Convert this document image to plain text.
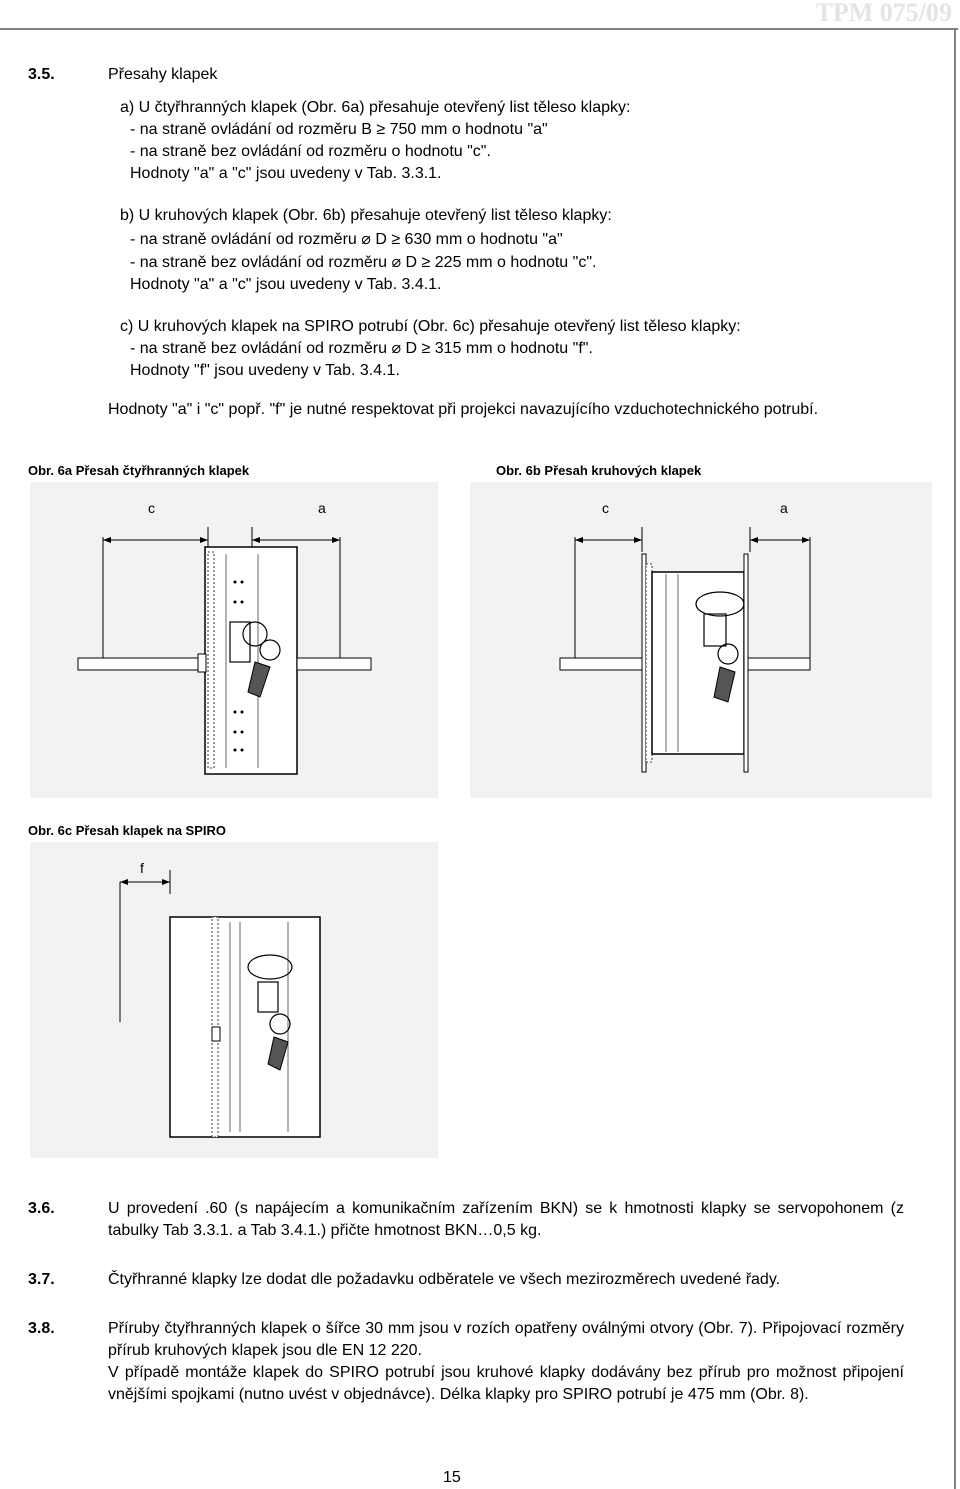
TPM 075/09
3.5.	Přesahy klapek
a) U čtyřhranných klapek (Obr. 6a) přesahuje otevřený list těleso klapky:
- na straně ovládání od rozměru B ≥ 750 mm o hodnotu "a"
- na straně bez ovládání od rozměru o hodnotu "c".
Hodnoty "a" a "c" jsou uvedeny v Tab. 3.3.1.
b) U kruhových klapek (Obr. 6b) přesahuje otevřený list těleso klapky:
- na straně ovládání od rozměru ⌀ D ≥ 630 mm o hodnotu "a"
- na straně bez ovládání od rozměru ⌀ D ≥ 225 mm o hodnotu "c".
Hodnoty "a" a "c" jsou uvedeny v Tab. 3.4.1.
c) U kruhových klapek na SPIRO potrubí (Obr. 6c) přesahuje otevřený list těleso klapky:
- na straně bez ovládání od rozměru ⌀ D ≥ 315 mm o hodnotu "f".
Hodnoty "f" jsou uvedeny v Tab. 3.4.1.
Hodnoty "a" i "c" popř. "f" je nutné respektovat při projekci navazujícího vzduchotechnického potrubí.
Obr. 6a Přesah čtyřhranných klapek	Obr. 6b Přesah kruhových klapek
c	a	c	a
Obr. 6c Přesah klapek na SPIRO
f
3.6.	U provedení .60 (s napájecím a komunikačním zařízením BKN) se k hmotnosti klapky se servopohonem (z tabulky Tab 3.3.1. a Tab 3.4.1.) přičte hmotnost BKN…0,5 kg.
3.7.	Čtyřhranné klapky lze dodat dle požadavku odběratele ve všech mezirozměrech uvedené řady.
3.8.	Příruby čtyřhranných klapek o šířce 30 mm jsou v rozích opatřeny oválnými otvory (Obr. 7). Připojovací rozměry přírub kruhových klapek jsou dle EN 12 220.
V případě montáže klapek do SPIRO potrubí jsou kruhové klapky dodávány bez přírub pro možnost připojení vnějšími spojkami (nutno uvést v objednávce). Délka klapky pro SPIRO potrubí je 475 mm (Obr. 8).
15
